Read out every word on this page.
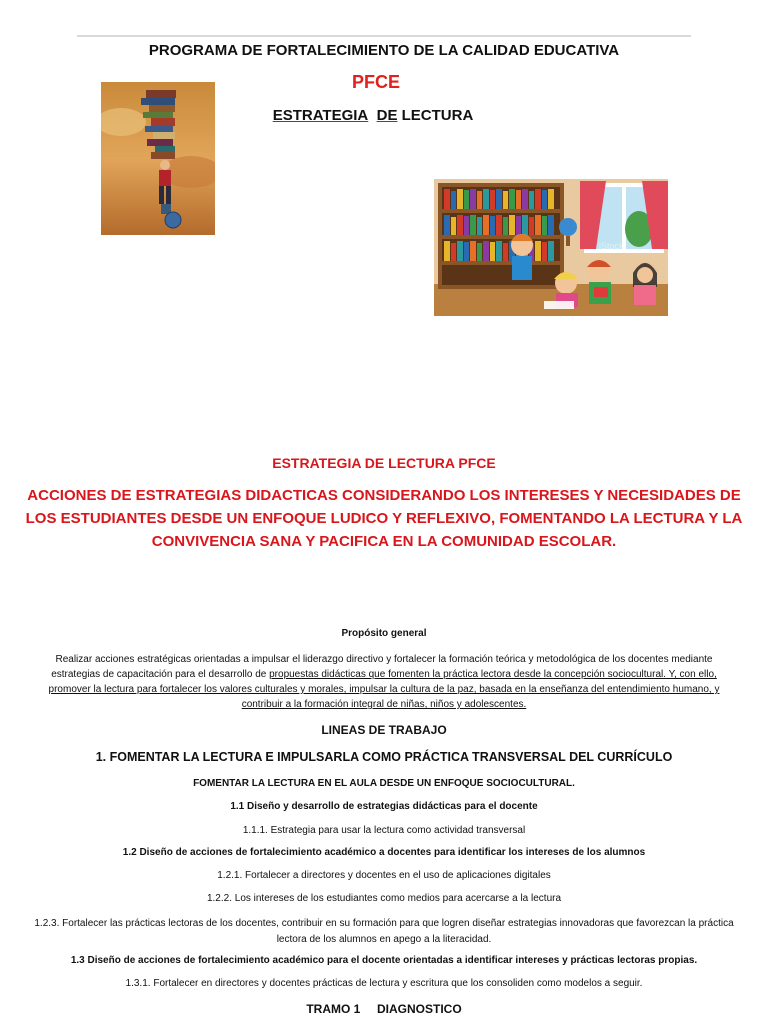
PROGRAMA DE FORTALECIMIENTO DE LA CALIDAD EDUCATIVA
PFCE
ESTRATEGIA DE LECTURA
iStock
ESTRATEGIA DE LECTURA PFCE
ACCIONES DE ESTRATEGIAS DIDACTICAS CONSIDERANDO LOS INTERESES Y NECESIDADES DE LOS ESTUDIANTES DESDE UN ENFOQUE LUDICO Y REFLEXIVO, FOMENTANDO LA LECTURA Y LA CONVIVENCIA SANA Y PACIFICA EN LA COMUNIDAD ESCOLAR.
Propósito general
Realizar acciones estratégicas orientadas a impulsar el liderazgo directivo y fortalecer la formación teórica y metodológica de los docentes mediante estrategias de capacitación para el desarrollo de propuestas didácticas que fomenten la práctica lectora desde la concepción sociocultural. Y, con ello, promover la lectura para fortalecer los valores culturales y morales, impulsar la cultura de la paz, basada en la enseñanza del entendimiento humano, y contribuir a la formación integral de niñas, niños y adolescentes.
LINEAS DE TRABAJO
1. FOMENTAR LA LECTURA E IMPULSARLA COMO PRÁCTICA TRANSVERSAL DEL CURRÍCULO
FOMENTAR LA LECTURA EN EL AULA DESDE UN ENFOQUE SOCIOCULTURAL.
1.1 Diseño y desarrollo de estrategias didácticas para el docente
1.1.1. Estrategia para usar la lectura como actividad transversal
1.2 Diseño de acciones de fortalecimiento académico a docentes para identificar los intereses de los alumnos
1.2.1. Fortalecer a directores y docentes en el uso de aplicaciones digitales
1.2.2. Los intereses de los estudiantes como medios para acercarse a la lectura
1.2.3. Fortalecer las prácticas lectoras de los docentes, contribuir en su formación para que logren diseñar estrategias innovadoras que favorezcan la práctica lectora de los alumnos en apego a la literacidad.
1.3 Diseño de acciones de fortalecimiento académico para el docente orientadas a identificar intereses y prácticas lectoras propias.
1.3.1. Fortalecer en directores y docentes prácticas de lectura y escritura que los consoliden como modelos a seguir.
TRAMO 1     DIAGNOSTICO
